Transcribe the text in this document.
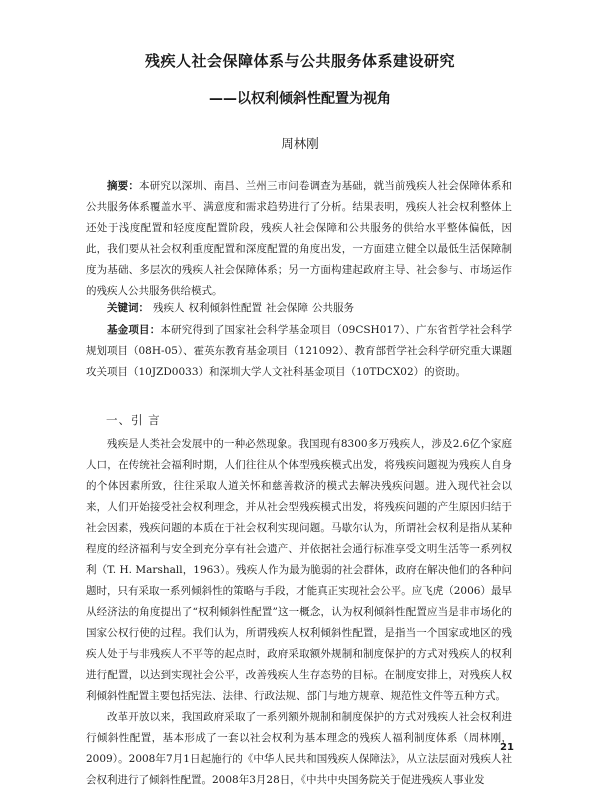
残疾人社会保障体系与公共服务体系建设研究
——以权利倾斜性配置为视角
周林刚

摘要：本研究以深圳、南昌、兰州三市问卷调查为基础，就当前残疾人社会保障体系和公共服务体系覆盖水平、满意度和需求趋势进行了分析。结果表明，残疾人社会权利整体上还处于浅度配置和轻度度配置阶段，残疾人社会保障和公共服务的供给水平整体偏低，因此，我们要从社会权利重度配置和深度配置的角度出发，一方面建立健全以最低生活保障制度为基础、多层次的残疾人社会保障体系；另一方面构建起政府主导、社会参与、市场运作的残疾人公共服务供给模式。

关键词： 残疾人 权利倾斜性配置 社会保障 公共服务
基金项目：本研究得到了国家社会科学基金项目（09CSH017）、广东省哲学社会科学规划项目（08H-05）、霍英东教育基金项目（121092）、教育部哲学社会科学研究重大课题攻关项目（10JZD0033）和深圳大学人文社科基金项目（10TDCX02）的资助。
一、引 言

残疾是人类社会发展中的一种必然现象。我国现有8300多万残疾人，涉及2.6亿个家庭人口，在传统社会福利时期，人们往往从个体型残疾模式出发，将残疾问题视为残疾人自身的个体因素所致，往往采取人道关怀和慈善救济的模式去解决残疾问题。进入现代社会以来，人们开始接受社会权利理念，并从社会型残疾模式出发，将残疾问题的产生原因归结于社会因素，残疾问题的本质在于社会权利实现问题。马歇尔认为，所谓社会权利是指从某种程度的经济福利与安全到充分享有社会遗产、并依据社会通行标准享受文明生活等一系列权利（T. H. Marshall，1963）。残疾人作为最为脆弱的社会群体，政府在解决他们的各种问题时，只有采取一系列倾斜性的策略与手段，才能真正实现社会公平。应飞虎（2006）最早从经济法的角度提出了“权利倾斜性配置”这一概念，认为权利倾斜性配置应当是非市场化的国家公权行使的过程。我们认为，所谓残疾人权利倾斜性配置，是指当一个国家或地区的残疾人处于与非残疾人不平等的起点时，政府采取额外规制和制度保护的方式对残疾人的权利进行配置，以达到实现社会公平，改善残疾人生存态势的目标。在制度安排上，对残疾人权利倾斜性配置主要包括宪法、法律、行政法规、部门与地方规章、规范性文件等五种方式。

改革开放以来，我国政府采取了一系列额外规制和制度保护的方式对残疾人社会权利进行倾斜性配置，基本形成了一套以社会权利为基本理念的残疾人福利制度体系（周林刚，2009）。2008年7月1日起施行的《中华人民共和国残疾人保障法》，从立法层面对残疾人社会权利进行了倾斜性配置。2008年3月28日，《中共中央国务院关于促进残疾人事业发

21
